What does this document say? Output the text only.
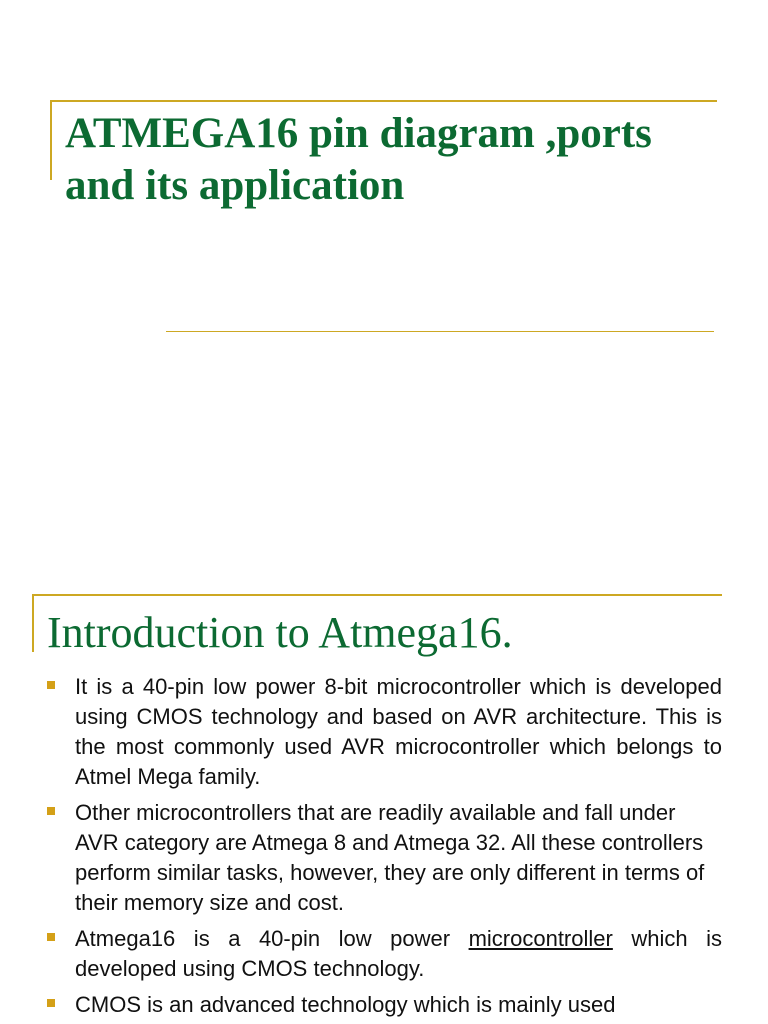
ATMEGA16 pin diagram ,ports and its application
Introduction to Atmega16.
It is a 40-pin low power 8-bit microcontroller which is developed using CMOS technology and based on AVR architecture. This is the most commonly used AVR microcontroller which belongs to Atmel Mega family.
Other microcontrollers that are readily available and fall under AVR category are Atmega 8 and Atmega 32. All these controllers perform similar tasks, however, they are only different in terms of their memory size and cost.
Atmega16 is a 40-pin low power microcontroller which is developed using CMOS technology.
CMOS is an advanced technology which is mainly used
